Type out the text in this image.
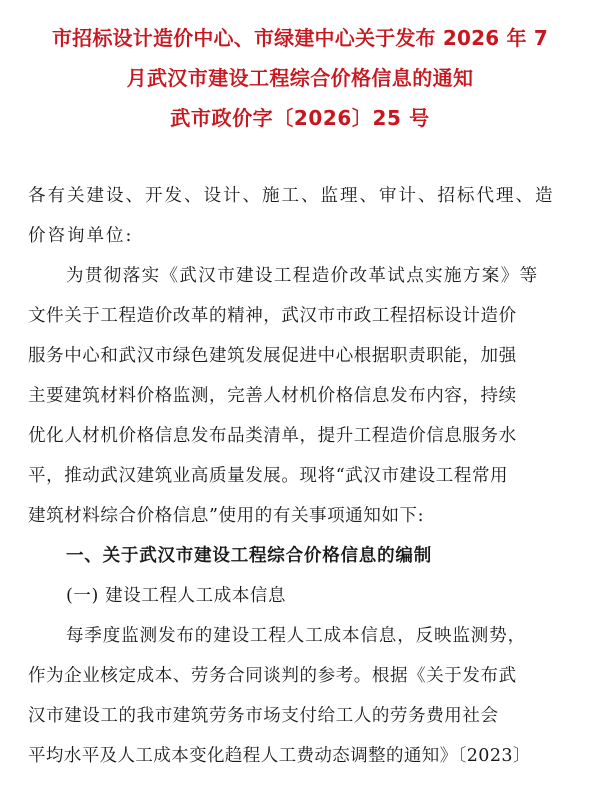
市招标设计造价中心、市绿建中心关于发布 2026 年 7
月武汉市建设工程综合价格信息的通知
武市政价字〔2026〕25 号
各有关建设、开发、设计、施工、监理、审计、招标代理、造
价咨询单位:
为贯彻落实《武汉市建设工程造价改革试点实施方案》等
文件关于工程造价改革的精神，武汉市市政工程招标设计造价
服务中心和武汉市绿色建筑发展促进中心根据职责职能，加强
主要建筑材料价格监测，完善人材机价格信息发布内容，持续
优化人材机价格信息发布品类清单，提升工程造价信息服务水
平，推动武汉建筑业高质量发展。现将“武汉市建设工程常用
建筑材料综合价格信息”使用的有关事项通知如下:
一、关于武汉市建设工程综合价格信息的编制
(一) 建设工程人工成本信息
每季度监测发布的建设工程人工成本信息，反映监测势，
作为企业核定成本、劳务合同谈判的参考。根据《关于发布武
汉市建设工的我市建筑劳务市场支付给工人的劳务费用社会
平均水平及人工成本变化趋程人工费动态调整的通知》〔2023〕
